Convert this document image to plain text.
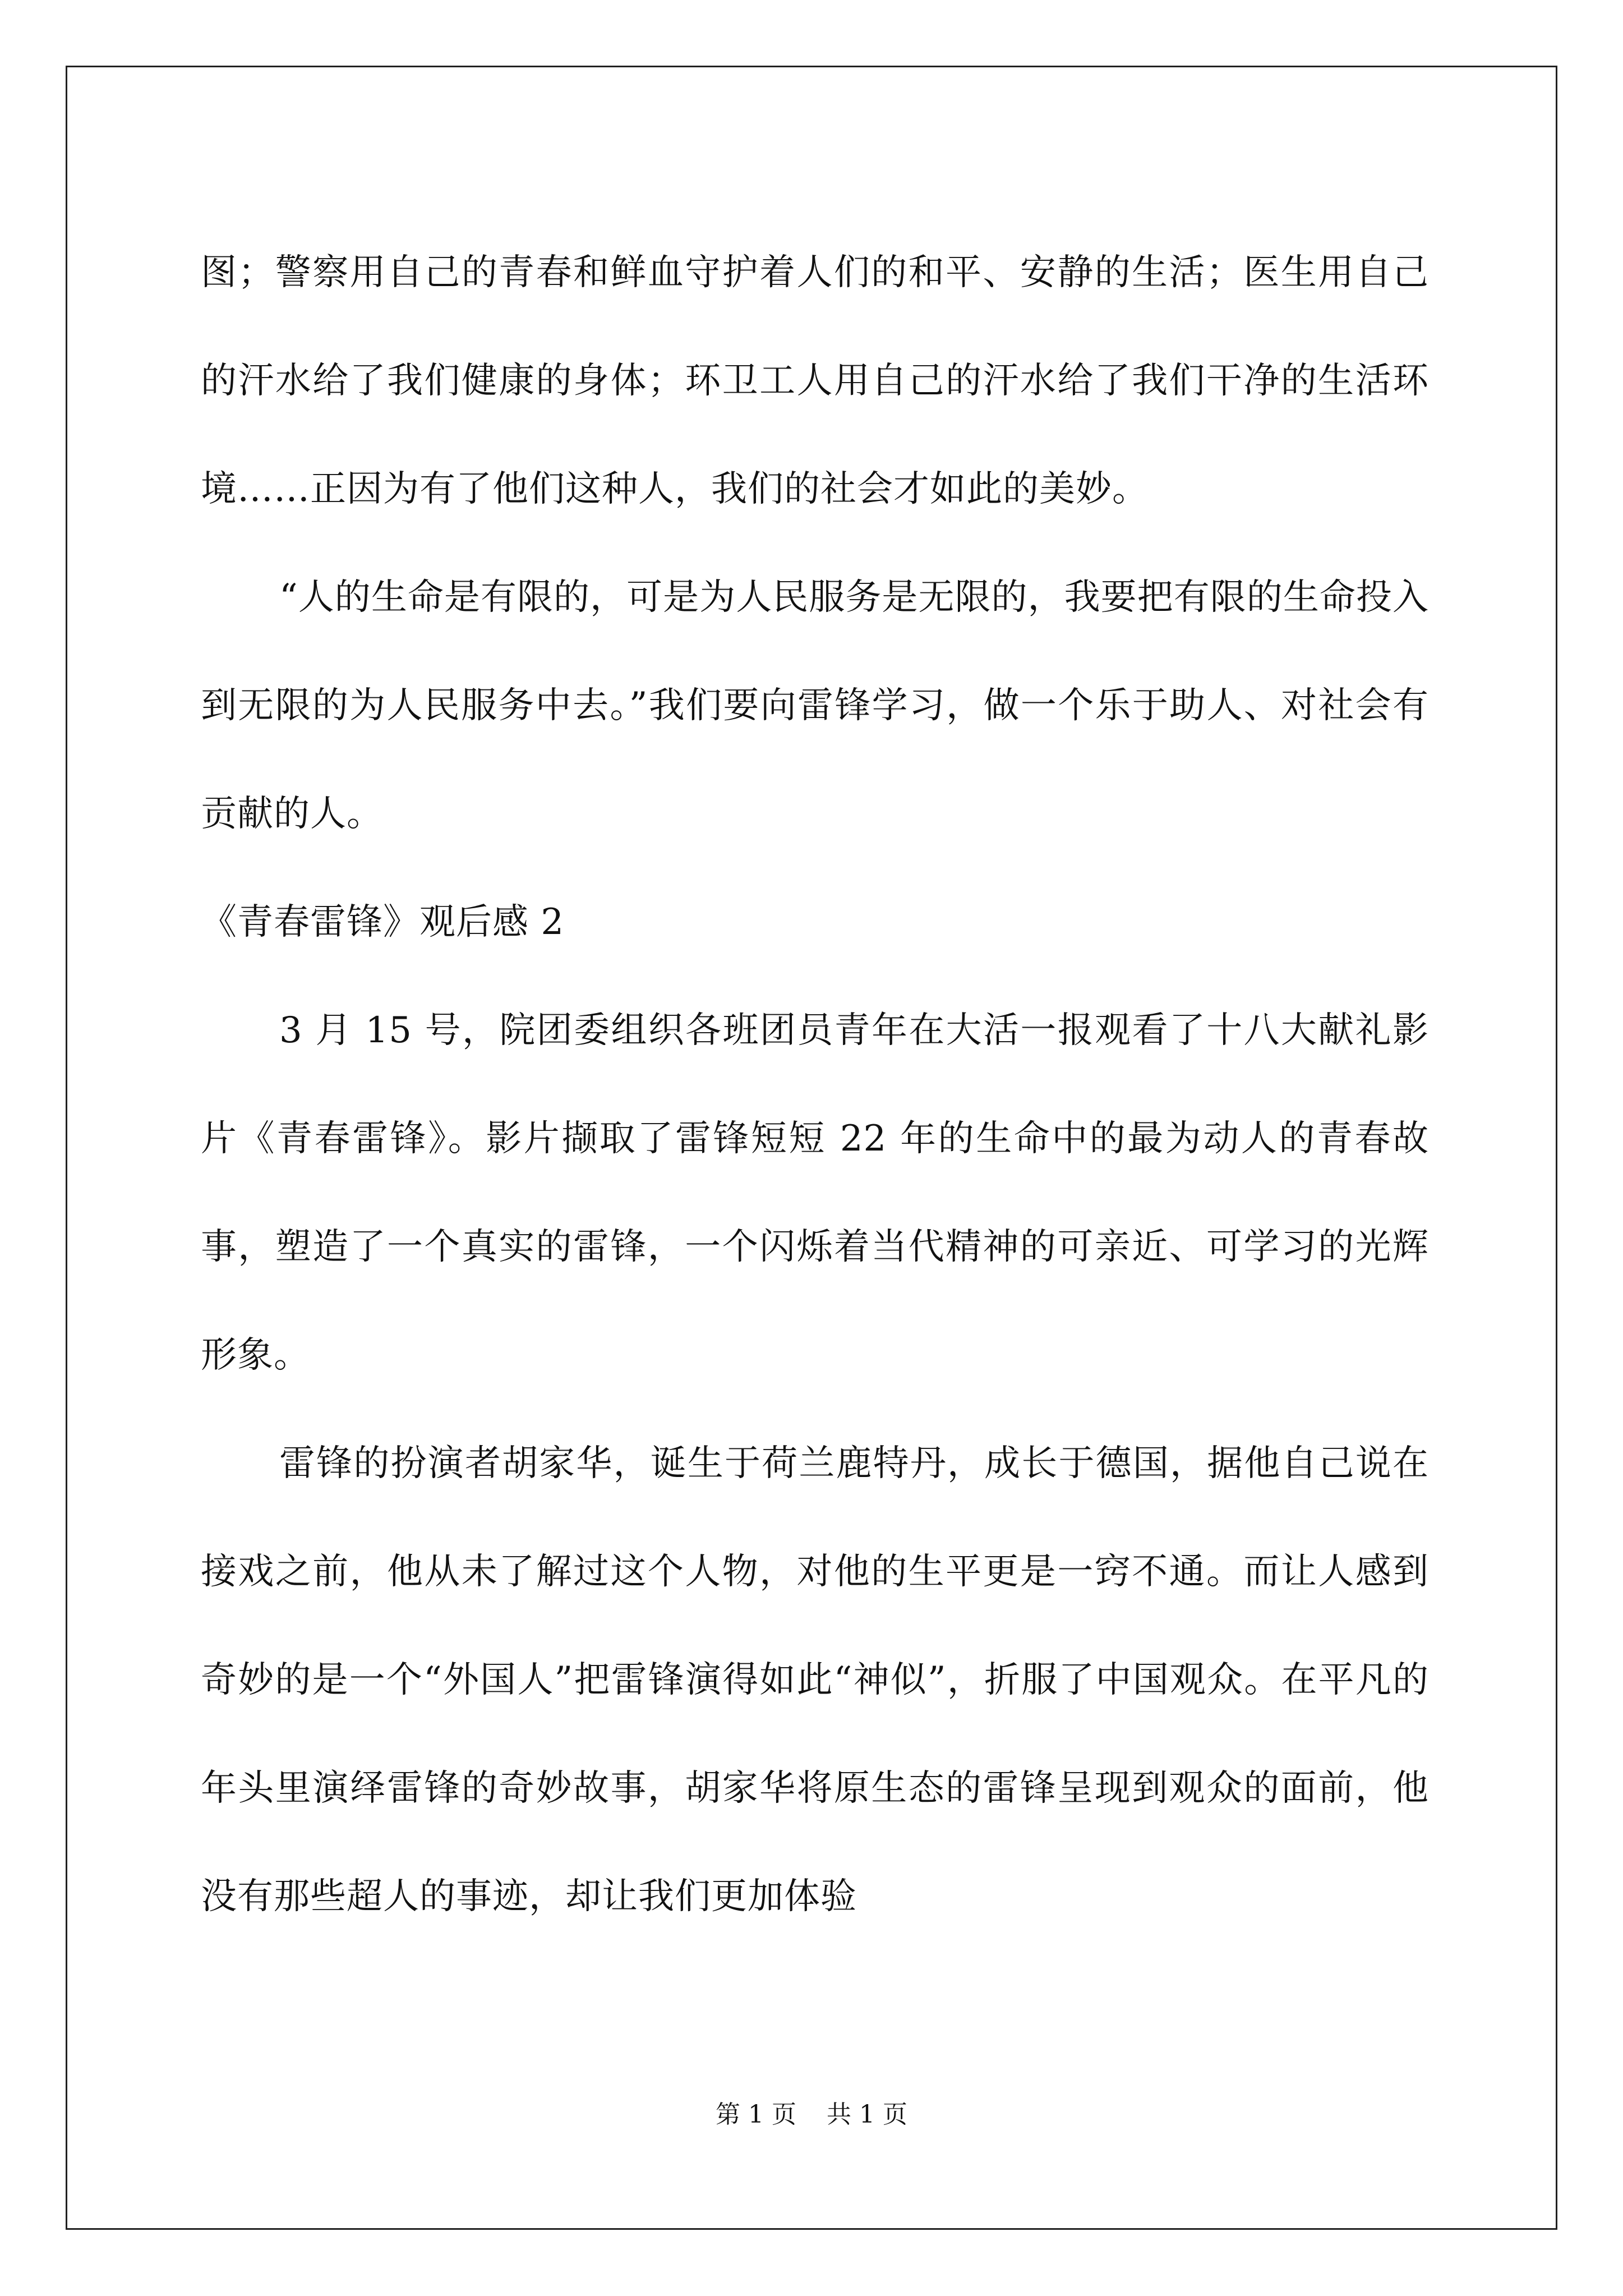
图；警察用自己的青春和鲜血守护着人们的和平、安静的生活；医生用自己的汗水给了我们健康的身体；环卫工人用自己的汗水给了我们干净的生活环境……正因为有了他们这种人，我们的社会才如此的美妙。

“人的生命是有限的，可是为人民服务是无限的，我要把有限的生命投入到无限的为人民服务中去。”我们要向雷锋学习，做一个乐于助人、对社会有贡献的人。

《青春雷锋》观后感 2

3 月 15 号，院团委组织各班团员青年在大活一报观看了十八大献礼影片《青春雷锋》。影片撷取了雷锋短短 22 年的生命中的最为动人的青春故事，塑造了一个真实的雷锋，一个闪烁着当代精神的可亲近、可学习的光辉形象。

雷锋的扮演者胡家华，诞生于荷兰鹿特丹，成长于德国，据他自己说在接戏之前，他从未了解过这个人物，对他的生平更是一窍不通。而让人感到奇妙的是一个“外国人”把雷锋演得如此“神似”，折服了中国观众。在平凡的年头里演绎雷锋的奇妙故事，胡家华将原生态的雷锋呈现到观众的面前，他没有那些超人的事迹，却让我们更加体验

第 1 页 共 1 页
